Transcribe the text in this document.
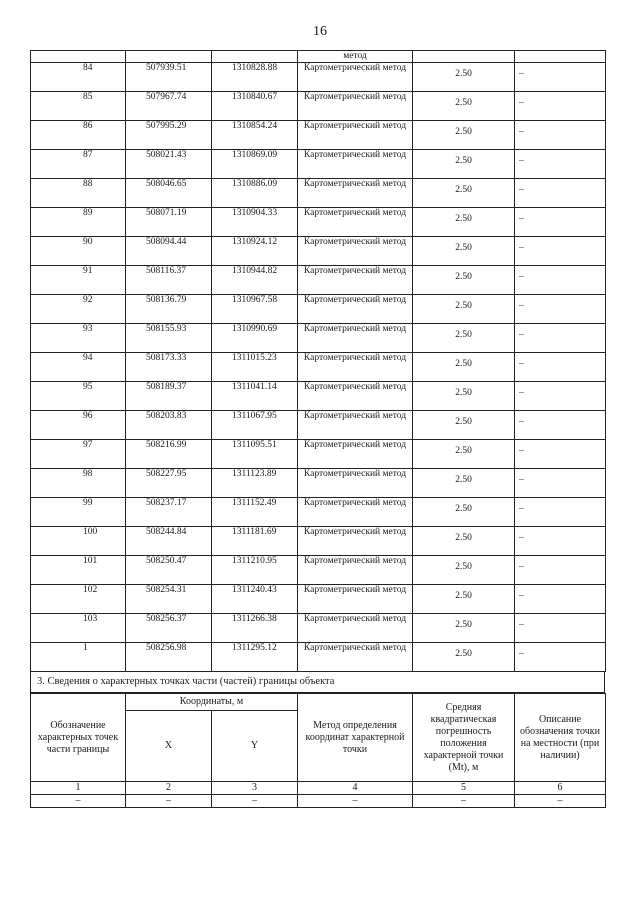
16
			метод		
84	507939.51	1310828.88	Картометрический метод	2.50	–
85	507967.74	1310840.67	Картометрический метод	2.50	–
86	507995.29	1310854.24	Картометрический метод	2.50	–
87	508021.43	1310869.09	Картометрический метод	2.50	–
88	508046.65	1310886.09	Картометрический метод	2.50	–
89	508071.19	1310904.33	Картометрический метод	2.50	–
90	508094.44	1310924.12	Картометрический метод	2.50	–
91	508116.37	1310944.82	Картометрический метод	2.50	–
92	508136.79	1310967.58	Картометрический метод	2.50	–
93	508155.93	1310990.69	Картометрический метод	2.50	–
94	508173.33	1311015.23	Картометрический метод	2.50	–
95	508189.37	1311041.14	Картометрический метод	2.50	–
96	508203.83	1311067.95	Картометрический метод	2.50	–
97	508216.99	1311095.51	Картометрический метод	2.50	–
98	508227.95	1311123.89	Картометрический метод	2.50	–
99	508237.17	1311152.49	Картометрический метод	2.50	–
100	508244.84	1311181.69	Картометрический метод	2.50	–
101	508250.47	1311210.95	Картометрический метод	2.50	–
102	508254.31	1311240.43	Картометрический метод	2.50	–
103	508256.37	1311266.38	Картометрический метод	2.50	–
1	508256.98	1311295.12	Картометрический метод	2.50	–
3. Сведения о характерных точках части (частей) границы объекта
Обозначение характерных точек части границы	Координаты, м		Метод определения координат характерной точки	Средняя квадратическая погрешность положения характерной точки (Mt), м	Описание обозначения точки на местности (при наличии)
	X	Y			
1	2	3	4	5	6
–	–	–	–	–	–
